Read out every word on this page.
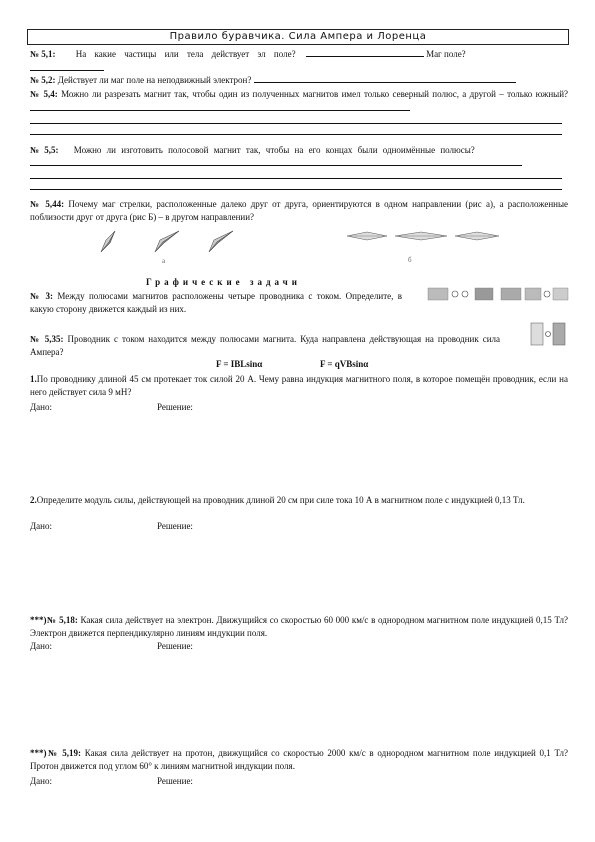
Правило буравчика. Сила Ампера и Лоренца
№ 5,1: На какие частицы или тела действует эл поле?	Маг поле?

№ 5,2: Действует ли маг поле на неподвижный электрон?
№ 5,4: Можно ли разрезать магнит так, чтобы один из полученных магнитов имел только северный полюс, а другой – только южный?
№ 5,5: Можно ли изготовить полосовой магнит так, чтобы на его концах были одноимённые полюсы?
№ 5,44: Почему маг стрелки, расположенные далеко друг от друга, ориентируются в одном направлении (рис а), а расположенные поблизости друг от друга (рис Б) – в другом направлении?
а	б
Графические задачи
№ 3: Между полюсами магнитов расположены четыре проводника с током. Определите, в какую сторону движется каждый из них.
№ 5,35: Проводник с током находится между полюсами магнита. Куда направлена действующая на проводник сила Ампера?
F = IBLsinα	F = qVBsinα
1.По проводнику длиной 45 см протекает ток силой 20 А. Чему равна индукция магнитного поля, в которое помещён проводник, если на него действует сила 9 мН?
Дано:	Решение:
2.Определите модуль силы, действующей на проводник длиной 20 см при силе тока 10 А в магнитном поле с индукцией 0,13 Тл.
Дано:	Решение:
***)№ 5,18: Какая сила действует на электрон. Движущийся со скоростью 60 000 км/с в однородном магнитном поле индукцией 0,15 Тл? Электрон движется перпендикулярно линиям индукции поля.
Дано:	Решение:
***)№ 5,19: Какая сила действует на протон, движущийся со скоростью 2000 км/с в однородном магнитном поле индукцией 0,1 Тл? Протон движется под углом 60° к линиям магнитной индукции поля.
Дано:	Решение:
